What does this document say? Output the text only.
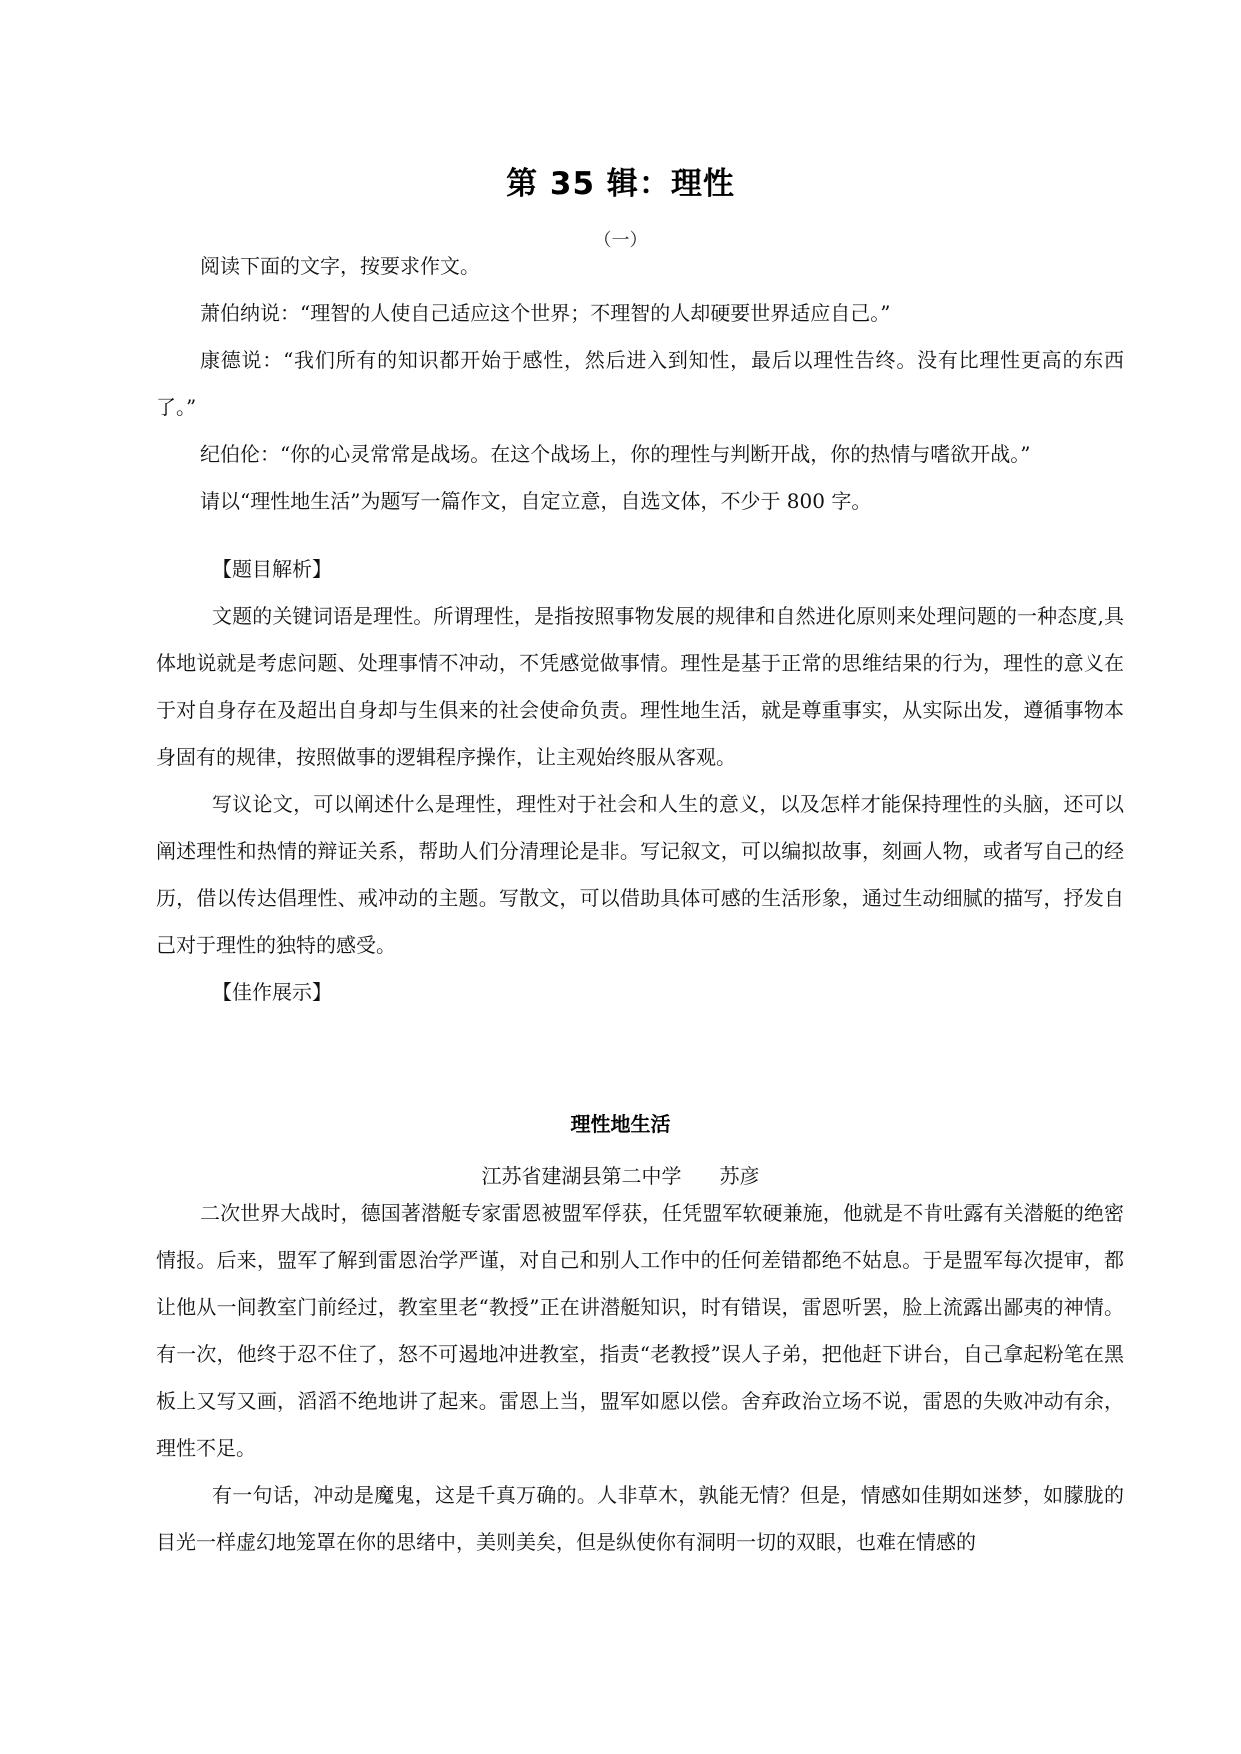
第 35 辑：理性
（一）

阅读下面的文字，按要求作文。

萧伯纳说：“理智的人使自己适应这个世界；不理智的人却硬要世界适应自己。”

康德说：“我们所有的知识都开始于感性，然后进入到知性，最后以理性告终。没有比理性更高的东西了。”

纪伯伦：“你的心灵常常是战场。在这个战场上，你的理性与判断开战，你的热情与嗜欲开战。”

请以“理性地生活”为题写一篇作文，自定立意，自选文体，不少于 800 字。

【题目解析】

文题的关键词语是理性。所谓理性，是指按照事物发展的规律和自然进化原则来处理问题的一种态度,具体地说就是考虑问题、处理事情不冲动，不凭感觉做事情。理性是基于正常的思维结果的行为，理性的意义在于对自身存在及超出自身却与生俱来的社会使命负责。理性地生活，就是尊重事实，从实际出发，遵循事物本身固有的规律，按照做事的逻辑程序操作，让主观始终服从客观。

写议论文，可以阐述什么是理性，理性对于社会和人生的意义，以及怎样才能保持理性的头脑，还可以阐述理性和热情的辩证关系，帮助人们分清理论是非。写记叙文，可以编拟故事，刻画人物，或者写自己的经历，借以传达倡理性、戒冲动的主题。写散文，可以借助具体可感的生活形象，通过生动细腻的描写，抒发自己对于理性的独特的感受。

【佳作展示】

理性地生活
江苏省建湖县第二中学 苏彦

二次世界大战时，德国著潜艇专家雷恩被盟军俘获，任凭盟军软硬兼施，他就是不肯吐露有关潜艇的绝密情报。后来，盟军了解到雷恩治学严谨，对自己和别人工作中的任何差错都绝不姑息。于是盟军每次提审，都让他从一间教室门前经过，教室里老“教授”正在讲潜艇知识，时有错误，雷恩听罢，脸上流露出鄙夷的神情。有一次，他终于忍不住了，怒不可遏地冲进教室，指责“老教授”误人子弟，把他赶下讲台，自己拿起粉笔在黑板上又写又画，滔滔不绝地讲了起来。雷恩上当，盟军如愿以偿。舍弃政治立场不说，雷恩的失败冲动有余，理性不足。

有一句话，冲动是魔鬼，这是千真万确的。人非草木，孰能无情？但是，情感如佳期如迷梦，如朦胧的目光一样虚幻地笼罩在你的思绪中，美则美矣，但是纵使你有洞明一切的双眼，也难在情感的
